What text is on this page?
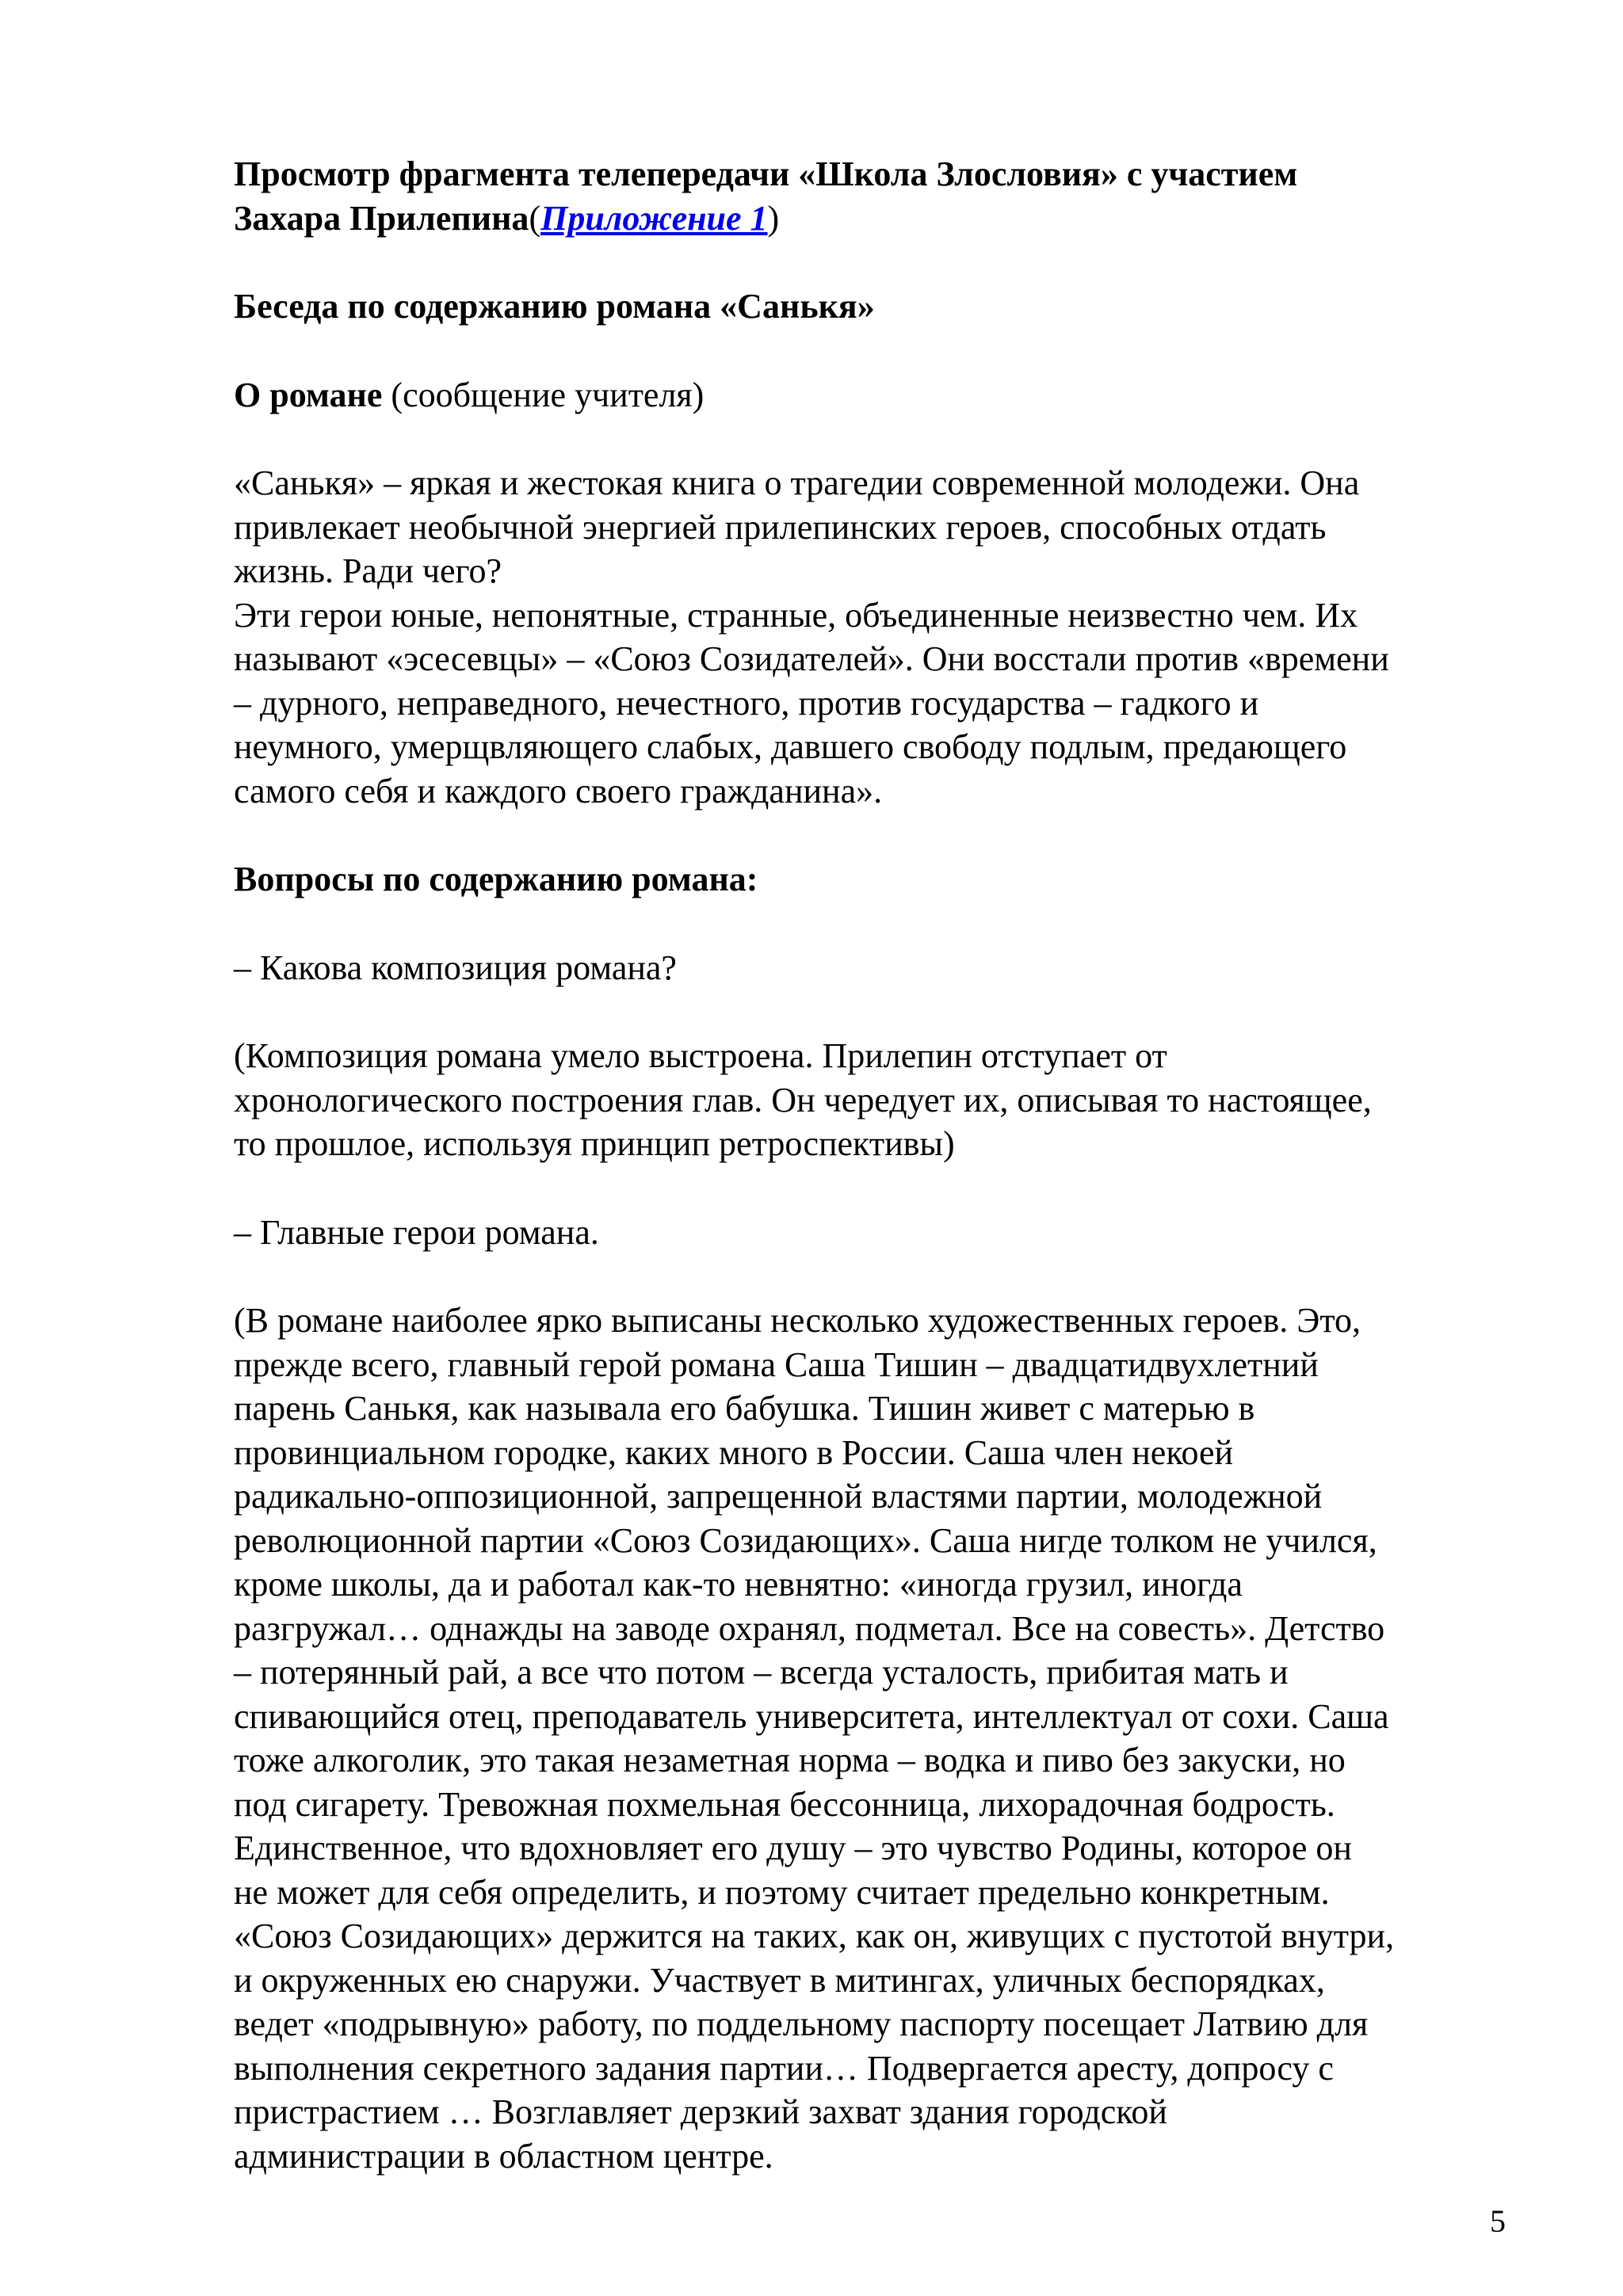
Просмотр фрагмента телепередачи «Школа Злословия» с участием
Захара Прилепина(Приложение 1)
Беседа по содержанию романа «Санькя»
О романе (сообщение учителя)
«Санькя» – яркая и жестокая книга о трагедии современной молодежи. Она
привлекает необычной энергией прилепинских героев, способных отдать
жизнь. Ради чего?
Эти герои юные, непонятные, странные, объединенные неизвестно чем. Их
называют «эсесевцы» – «Союз Созидателей». Они восстали против «времени
– дурного, неправедного, нечестного, против государства – гадкого и
неумного, умерщвляющего слабых, давшего свободу подлым, предающего
самого себя и каждого своего гражданина».
Вопросы по содержанию романа:
– Какова композиция романа?
(Композиция романа умело выстроена. Прилепин отступает от
хронологического построения глав. Он чередует их, описывая то настоящее,
то прошлое, используя принцип ретроспективы)
– Главные герои романа.
(В романе наиболее ярко выписаны несколько художественных героев. Это,
прежде всего, главный герой романа Саша Тишин – двадцатидвухлетний
парень Санькя, как называла его бабушка. Тишин живет с матерью в
провинциальном городке, каких много в России. Саша член некоей
радикально-оппозиционной, запрещенной властями партии, молодежной
революционной партии «Союз Созидающих». Саша нигде толком не учился,
кроме школы, да и работал как-то невнятно: «иногда грузил, иногда
разгружал… однажды на заводе охранял, подметал. Все на совесть». Детство
– потерянный рай, а все что потом – всегда усталость, прибитая мать и
спивающийся отец, преподаватель университета, интеллектуал от сохи. Саша
тоже алкоголик, это такая незаметная норма – водка и пиво без закуски, но
под сигарету. Тревожная похмельная бессонница, лихорадочная бодрость.
Единственное, что вдохновляет его душу – это чувство Родины, которое он
не может для себя определить, и поэтому считает предельно конкретным.
«Союз Созидающих» держится на таких, как он, живущих с пустотой внутри,
и окруженных ею снаружи. Участвует в митингах, уличных беспорядках,
ведет «подрывную» работу, по поддельному паспорту посещает Латвию для
выполнения секретного задания партии… Подвергается аресту, допросу с
пристрастием … Возглавляет дерзкий захват здания городской
администрации в областном центре.
5
